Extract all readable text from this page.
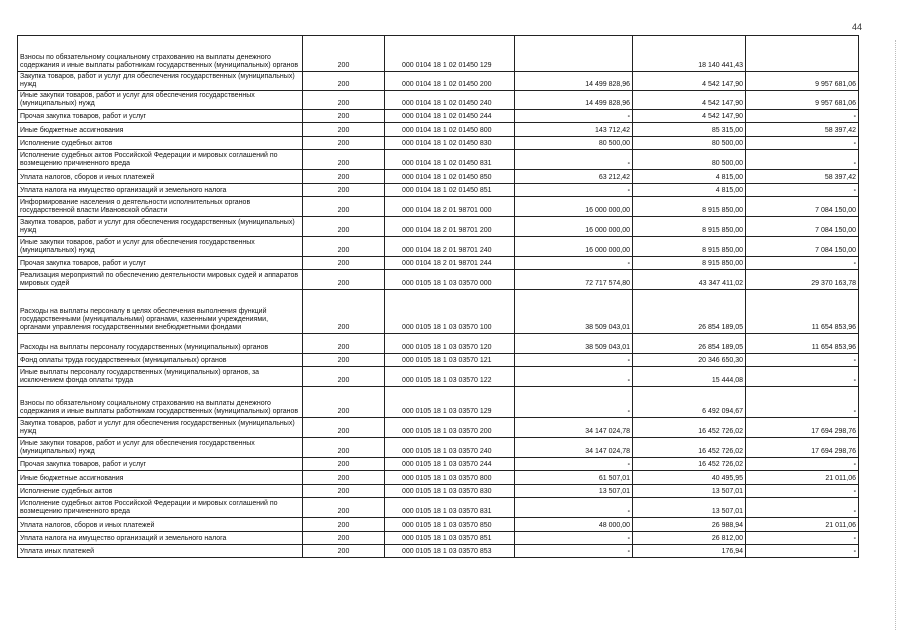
44
Взносы по обязательному социальному страхованию на выплаты денежного содержания и иные выплаты работникам государственных (муниципальных) органов	200	000 0104 18 1 02 01450 129		18 140 441,43	
Закупка товаров, работ и услуг для обеспечения государственных (муниципальных) нужд	200	000 0104 18 1 02 01450 200	14 499 828,96	4 542 147,90	9 957 681,06
Иные закупки товаров, работ и услуг для обеспечения государственных (муниципальных) нужд	200	000 0104 18 1 02 01450 240	14 499 828,96	4 542 147,90	9 957 681,06
Прочая закупка товаров, работ и услуг	200	000 0104 18 1 02 01450 244	-	4 542 147,90	-
Иные бюджетные ассигнования	200	000 0104 18 1 02 01450 800	143 712,42	85 315,00	58 397,42
Исполнение судебных актов	200	000 0104 18 1 02 01450 830	80 500,00	80 500,00	-
Исполнение судебных актов Российской Федерации и мировых соглашений по возмещению причиненного вреда	200	000 0104 18 1 02 01450 831	-	80 500,00	-
Уплата налогов, сборов и иных платежей	200	000 0104 18 1 02 01450 850	63 212,42	4 815,00	58 397,42
Уплата налога на имущество организаций и земельного налога	200	000 0104 18 1 02 01450 851	-	4 815,00	-
Информирование населения о деятельности исполнительных органов государственной власти Ивановской области	200	000 0104 18 2 01 98701 000	16 000 000,00	8 915 850,00	7 084 150,00
Закупка товаров, работ и услуг для обеспечения государственных (муниципальных) нужд	200	000 0104 18 2 01 98701 200	16 000 000,00	8 915 850,00	7 084 150,00
Иные закупки товаров, работ и услуг для обеспечения государственных (муниципальных) нужд	200	000 0104 18 2 01 98701 240	16 000 000,00	8 915 850,00	7 084 150,00
Прочая закупка товаров, работ и услуг	200	000 0104 18 2 01 98701 244	-	8 915 850,00	-
Реализация мероприятий по обеспечению деятельности мировых судей и аппаратов мировых судей	200	000 0105 18 1 03 03570 000	72 717 574,80	43 347 411,02	29 370 163,78
Расходы на выплаты персоналу в целях обеспечения выполнения функций государственными (муниципальными) органами, казенными учреждениями, органами управления государственными внебюджетными фондами	200	000 0105 18 1 03 03570 100	38 509 043,01	26 854 189,05	11 654 853,96
Расходы на выплаты персоналу государственных (муниципальных) органов	200	000 0105 18 1 03 03570 120	38 509 043,01	26 854 189,05	11 654 853,96
Фонд оплаты труда государственных (муниципальных) органов	200	000 0105 18 1 03 03570 121	-	20 346 650,30	-
Иные выплаты персоналу государственных (муниципальных) органов, за исключением фонда оплаты труда	200	000 0105 18 1 03 03570 122	-	15 444,08	-
Взносы по обязательному социальному страхованию на выплаты денежного содержания и иные выплаты работникам государственных (муниципальных) органов	200	000 0105 18 1 03 03570 129	-	6 492 094,67	-
Закупка товаров, работ и услуг для обеспечения государственных (муниципальных) нужд	200	000 0105 18 1 03 03570 200	34 147 024,78	16 452 726,02	17 694 298,76
Иные закупки товаров, работ и услуг для обеспечения государственных (муниципальных) нужд	200	000 0105 18 1 03 03570 240	34 147 024,78	16 452 726,02	17 694 298,76
Прочая закупка товаров, работ и услуг	200	000 0105 18 1 03 03570 244	-	16 452 726,02	-
Иные бюджетные ассигнования	200	000 0105 18 1 03 03570 800	61 507,01	40 495,95	21 011,06
Исполнение судебных актов	200	000 0105 18 1 03 03570 830	13 507,01	13 507,01	-
Исполнение судебных актов Российской Федерации и мировых соглашений по возмещению причиненного вреда	200	000 0105 18 1 03 03570 831	-	13 507,01	-
Уплата налогов, сборов и иных платежей	200	000 0105 18 1 03 03570 850	48 000,00	26 988,94	21 011,06
Уплата налога на имущество организаций и земельного налога	200	000 0105 18 1 03 03570 851	-	26 812,00	-
Уплата иных платежей	200	000 0105 18 1 03 03570 853	-	176,94	-
